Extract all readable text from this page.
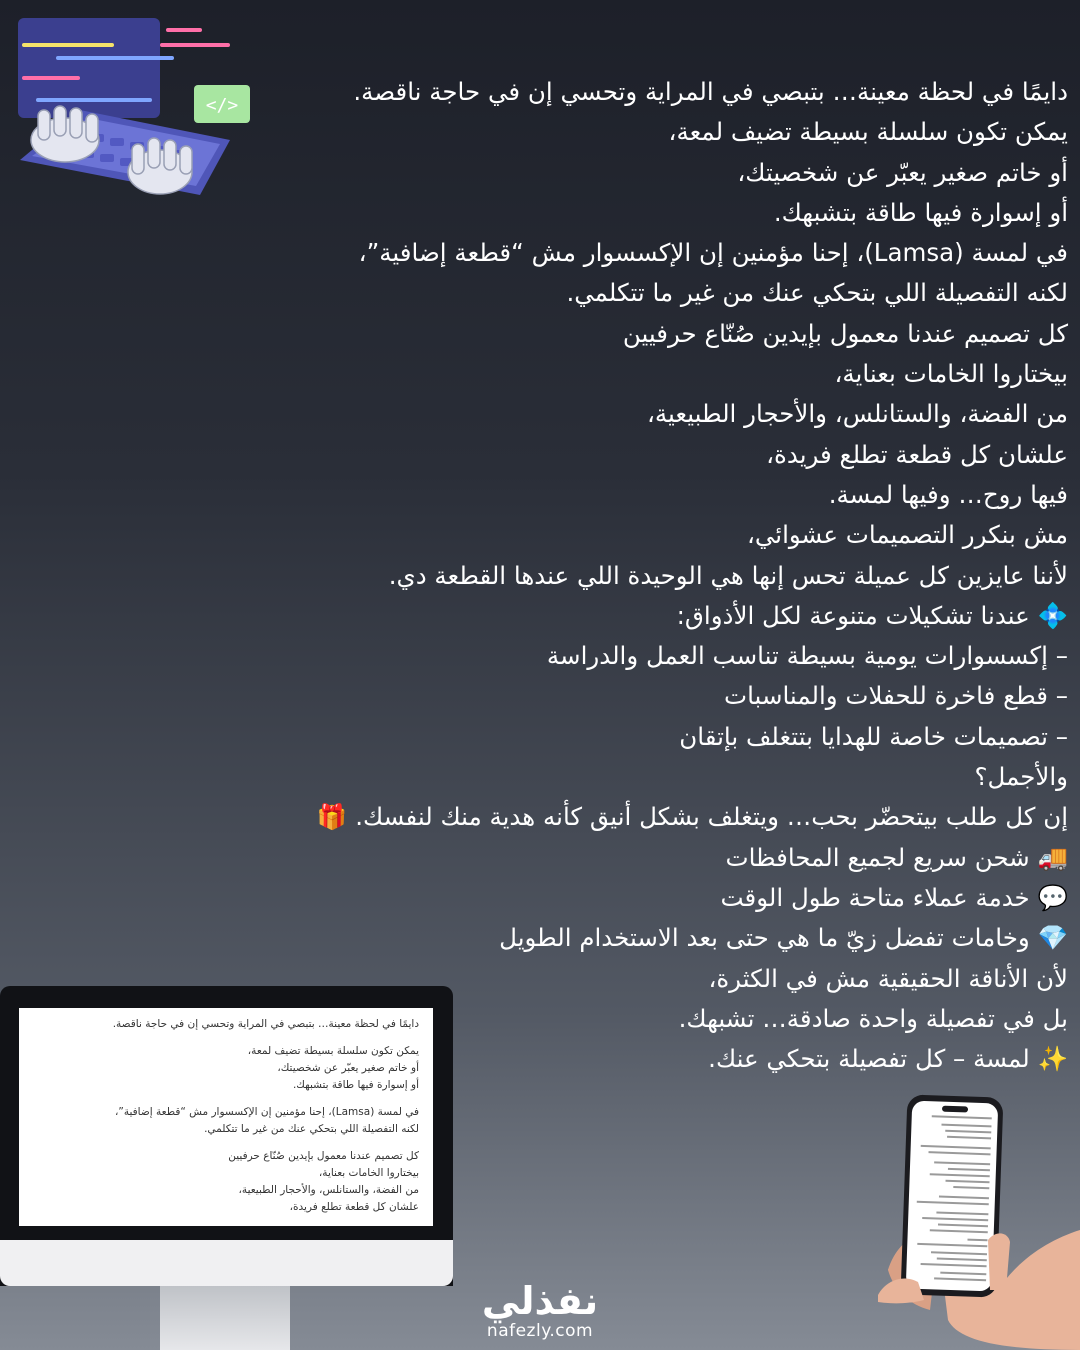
</>	دايمًا في لحظة معينة… بتبصي في المراية وتحسي إن في حاجة ناقصة.
يمكن تكون سلسلة بسيطة تضيف لمعة،
أو خاتم صغير يعبّر عن شخصيتك،
أو إسوارة فيها طاقة بتشبهك.
في لمسة (Lamsa)، إحنا مؤمنين إن الإكسسوار مش “قطعة إضافية”،
لكنه التفصيلة اللي بتحكي عنك من غير ما تتكلمي.
كل تصميم عندنا معمول بإيدين صُنّاع حرفيين
بيختاروا الخامات بعناية،
من الفضة، والستانلس، والأحجار الطبيعية،
علشان كل قطعة تطلع فريدة،
فيها روح… وفيها لمسة.
مش بنكرر التصميمات عشوائي،
لأننا عايزين كل عميلة تحس إنها هي الوحيدة اللي عندها القطعة دي.
💠 عندنا تشكيلات متنوعة لكل الأذواق:
– إكسسوارات يومية بسيطة تناسب العمل والدراسة
– قطع فاخرة للحفلات والمناسبات
– تصميمات خاصة للهدايا بتتغلف بإتقان
والأجمل؟
إن كل طلب بيتحضّر بحب… ويتغلف بشكل أنيق كأنه هدية منك لنفسك. 🎁
🚚 شحن سريع لجميع المحافظات
💬 خدمة عملاء متاحة طول الوقت
💎 وخامات تفضل زيّ ما هي حتى بعد الاستخدام الطويل
لأن الأناقة الحقيقية مش في الكثرة،
بل في تفصيلة واحدة صادقة… تشبهك.
✨ لمسة – كل تفصيلة بتحكي عنك.
دايمًا في لحظة معينة… بتبصي في المراية وتحسي إن في حاجة ناقصة.
يمكن تكون سلسلة بسيطة تضيف لمعة،
أو خاتم صغير يعبّر عن شخصيتك،
أو إسوارة فيها طاقة بتشبهك.
في لمسة (Lamsa)، إحنا مؤمنين إن الإكسسوار مش “قطعة إضافية”،
لكنه التفصيلة اللي بتحكي عنك من غير ما تتكلمي.
كل تصميم عندنا معمول بإيدين صُنّاع حرفيين
بيختاروا الخامات بعناية،
من الفضة، والستانلس، والأحجار الطبيعية،
علشان كل قطعة تطلع فريدة،
نفذلي
nafezly.com
